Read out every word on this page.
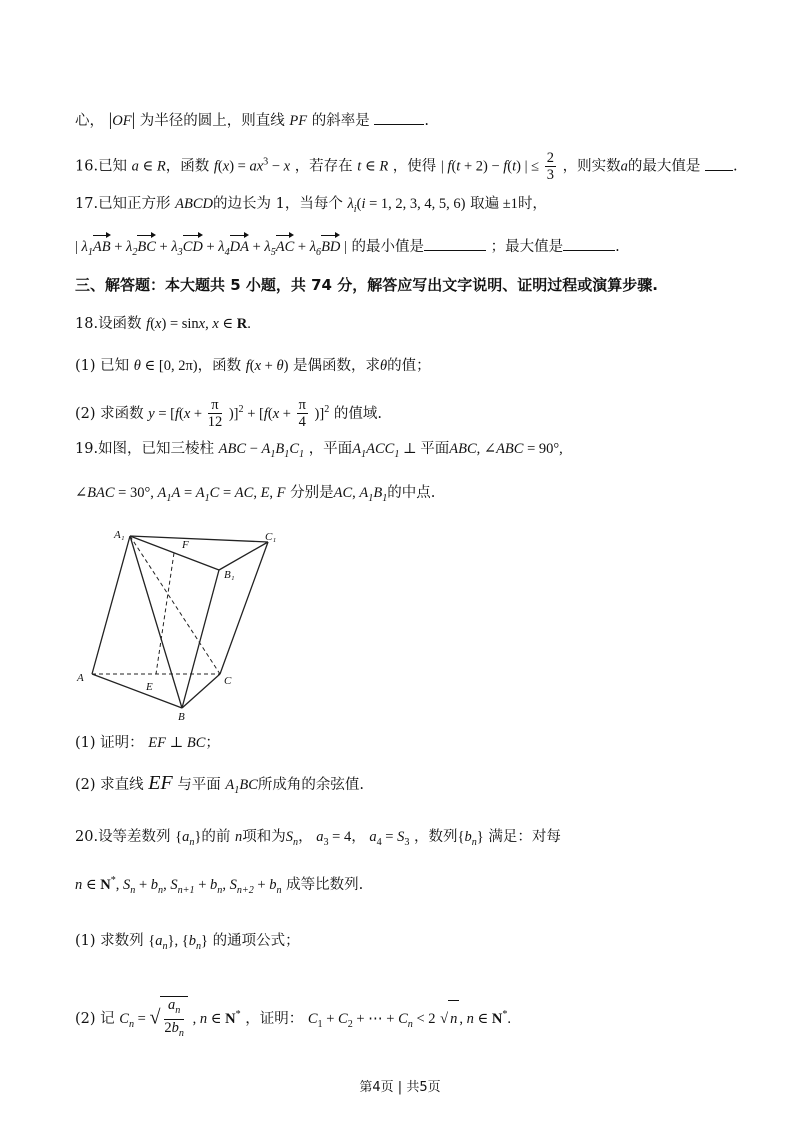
心， |OF| 为半径的圆上，则直线 PF 的斜率是	.
16.已知 a ∈ R，函数 $f(x) = ax^3 - x$ ，若存在 t ∈ R ，使得 | f(t + 2) − f(t) | ≤ $\frac{2}{3}$ ，则实数a的最大值是 .
17.已知正方形 ABCD的边长为 1，当每个 $\lambda_i(i = 1$, 2, 3, 4, 5, 6) 取遍 ±1时，
| $\lambda_1AB + \lambda_2BC + \lambda_3CD + \lambda_4DA + \lambda_5AC + \lambda_6BD$ | 的最小值是	；最大值是	.
三、解答题：本大题共 5 小题，共 74 分，解答应写出文字说明、证明过程或演算步骤.
18.设函数 f(x) = sinx, x ∈ R.
(1) 已知 θ ∈ [0, 2π)，函数 f(x + θ) 是偶函数，求θ的值；
(2) 求函数 $y = [f(x + \frac{\pi}{12} )]^2 + [f(x + \frac{\pi}{4} )]^2$ 的值域.
19.如图，已知三棱柱 ABC − $A_1B_1C_1$ ，平面$A_1ACC_1$ ⊥ 平面ABC, ∠ABC = 90°,
∠BAC = 30°, $A_1A = A_1C$ = AC, E, F 分别是AC, $A_1B_1$的中点.
A₁
F
C₁
B₁
A
E	C
B
(1) 证明： EF ⊥ BC；
(2) 求直线 EF 与平面 $A_1BC$所成角的余弦值.
20.设等差数列 $\{a_n\}$的前 n项和为$S_n$， $a_3 = 4$， $a_4 = S_3$ ，数列$\{b_n\}$ 满足：对每
n ∈ N*, $S_n + b_n$, $S_{n+1} + b_n$, $S_{n+2} + b_n$ 成等比数列.
(1) 求数列 $\{a_n\}$, $\{b_n\}$ 的通项公式；
(2) 记 $C_n$ = √ $\frac{a_n}{2b_n}$ , n ∈ N* ，证明： $C_1 + C_2$ + ⋯ + $C_n < 2$ √ n , n ∈ N*.
第4页 | 共5页
